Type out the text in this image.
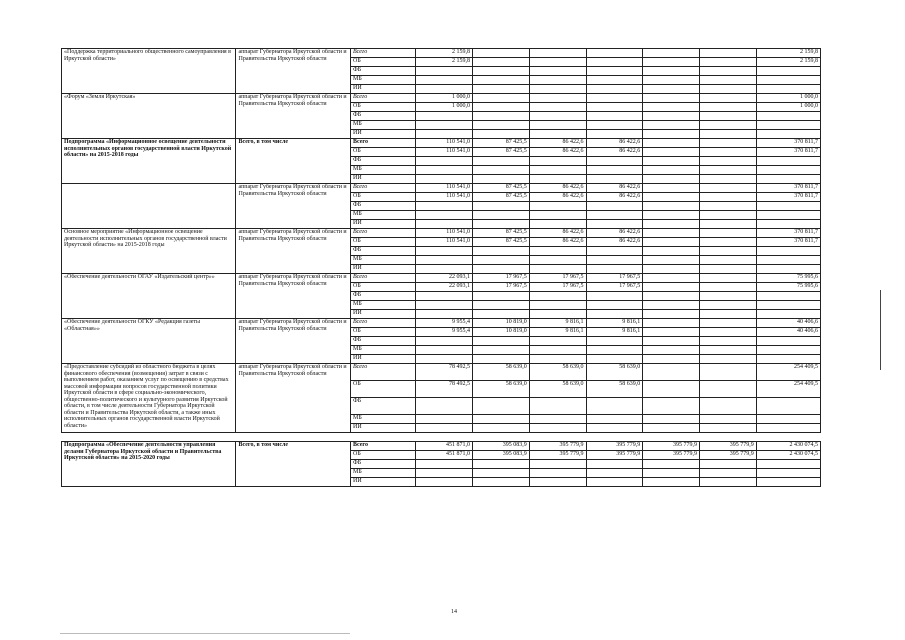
«Поддержка территориального общественного самоуправления в Иркутской области»	аппарат Губернатора Иркутской области и Правительства Иркутской области	Всего	2 159,8						2 159,8
		ОБ	2 159,8						2 159,8
		ФБ							
		МБ							
		ИИ							
«Форум «Земля Иркутская»	аппарат Губернатора Иркутской области и Правительства Иркутской области	Всего	1 000,0						1 000,0
		ОБ	1 000,0						1 000,0
		ФБ							
		МБ							
		ИИ							
Подпрограмма «Информационное освещение деятельности исполнительных органов государственной власти Иркутской области» на 2015-2018 годы	Всего, в том числе	Всего	110 541,0	87 425,5	86 422,6	86 422,6			370 811,7
		ОБ	110 541,0	87 425,5	86 422,6	86 422,6			370 811,7
		ФБ							
		МБ							
		ИИ							
	аппарат Губернатора Иркутской области и Правительства Иркутской области	Всего	110 541,0	87 425,5	86 422,6	86 422,6			370 811,7
		ОБ	110 541,0	87 425,5	86 422,6	86 422,6			370 811,7
		ФБ							
		МБ							
		ИИ							
Основное мероприятие «Информационное освещение деятельности исполнительных органов государственной власти Иркутской области» на 2015-2018 годы	аппарат Губернатора Иркутской области и Правительства Иркутской области	Всего	110 541,0	87 425,5	86 422,6	86 422,6			370 811,7
		ОБ	110 541,0	87 425,5	86 422,6	86 422,6			370 811,7
		ФБ							
		МБ							
		ИИ							
«Обеспечение деятельности ОГАУ «Издательский центр»»	аппарат Губернатора Иркутской области и Правительства Иркутской области	Всего	22 093,1	17 967,5	17 967,5	17 967,5			75 995,6
		ОБ	22 093,1	17 967,5	17 967,5	17 967,5			75 995,6
		ФБ							
		МБ							
		ИИ							
«Обеспечение деятельности ОГКУ «Редакция газеты «Областная»»	аппарат Губернатора Иркутской области и Правительства Иркутской области	Всего	9 955,4	10 819,0	9 816,1	9 816,1			40 406,6
		ОБ	9 955,4	10 819,0	9 816,1	9 816,1			40 406,6
		ФБ							
		МБ							
		ИИ							
«Предоставление субсидий из областного бюджета в целях финансового обеспечения (возмещения) затрат в связи с выполнением работ, оказанием услуг по освещению в средствах массовой информации вопросов государственной политики Иркутской области в сфере социально-экономического, общественно-политического и культурного развития Иркутской области, в том числе деятельности Губернатора Иркутской области и Правительства Иркутской области, а также иных исполнительных органов государственной власти Иркутской области»	аппарат Губернатора Иркутской области и Правительства Иркутской области	Всего	78 492,5	58 639,0	58 639,0	58 639,0			254 409,5
		ОБ	78 492,5	58 639,0	58 639,0	58 639,0			254 409,5
		ФБ							
		МБ							
		ИИ							

Подпрограмма «Обеспечение деятельности управления делами Губернатора Иркутской области и Правительства Иркутской области» на 2015-2020 годы	Всего, в том числе	Всего	451 871,0	395 083,9	395 779,9	395 779,9	395 779,9	395 779,9	2 430 074,5
		ОБ	451 871,0	395 083,9	395 779,9	395 779,9	395 779,9	395 779,9	2 430 074,5
		ФБ							
		МБ							
		ИИ							
14
